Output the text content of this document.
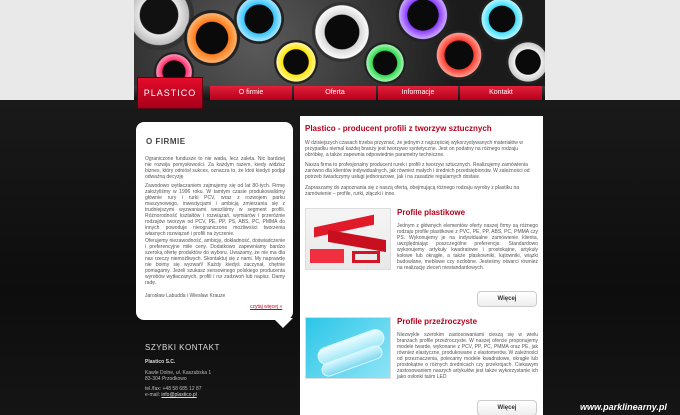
O firmie	Oferta	Informacje	Kontakt
PLASTICO
O FIRMIE
Ograniczone fundusze to nie wada, lecz zaleta. Nic bardziej nie rozwija pomysłowości. Za każdym razem, kiedy widzisz biznes, który odniósł sukces, oznacza to, że ktoś kiedyś podjął odważną decyzję
Zawodowo wytłaczaniem zajmujemy się od lat 80-tych. Firmę założyliśmy w 1996 roku. W tamtym czasie produkowaliśmy głównie rury i rurki PCV, wraz z rozwojem parku maszynowego, inwestycjami i ambicją zmierzania się z trudniejszymi wyzwaniami weszliśmy w segment profili. Różnorodność kształtów i rozwiązań, wymiarów i przeróżnie rodzajów tworzyw od PCV, PE, PP, PS, ABS, PC, PMMA do innych powoduje nieograniczone możliwości tworzenia własnych rozwiązań i profili na życzenie.
Oferujemy niezawodność, ambicję, dokładność, doświadczenie i preferencyjne miłe ceny. Dodatkowo zapewniamy bardzo szeroką ofertę produktów do wyboru. Uważamy, że nie ma dla nas rzeczy niemożliwych. Skontaktuj się z nami. My naprawdę nie boimy się wyzwań! Każdy kiedyś zaczynał, chętnie pomagamy. Jeżeli szukasz sensownego polskiego producenta wyrobów wytłaczanych, profili i rur zadzwoń lub napisz. Damy radę.
Jarosław Labudda i Wiesław Krauze
czytaj więcej »
SZYBKI KONTAKT
Plastico S.C.
Kawle Dolne, ul. Kaszubska 1
83-304 Przodkowo
tel./fax: +48 58 685 12 87
e-mail: info@plastico.pl
Plastico - producent profili z tworzyw sztucznych
W dzisiejszych czasach trzeba przyznać, że jednym z najczęściej wykorzystywanych materiałów w przypadku niemal każdej branży jest tworzywo syntetyczne. Jest on podatny na różnego rodzaju obróbkę, a także zapewnia odpowiednie parametry techniczne.
Nasza firma to profesjonalny producent rurek i profili z tworzyw sztucznych. Realizujemy zamówienia zarówno dla klientów indywidualnych, jak również małych i średnich przedsiębiorstw. W zależności od potrzeb świadczymy usługi jednorazowe, jak i na zasadzie regularnych dostaw.
Zapraszamy do zapoznania się z naszą ofertą, obejmującą różnego rodzaju wyroby z plastiku na zamówienie – profile, rurki, złączki i inne.
Profile plastikowe
Jednym z głównych elementów oferty naszej firmy są różnego rodzaju profile plastikowe z PVC, PE, PP, ABS, PC, PMMA czy PS. Wykonujemy je na indywidualne zamówienie klienta, uwzględniając poszczególne preferencje. Standardowo wykonujemy artykuły kwadratowe i prostokątne, artykuły kołowe lub okrągłe, a także plaskowniki, kątowniki, wiązki budowlane, meblowe czy ozdobne. Jesteśmy otwarci również na realizację zleceń niestandardowych.
Więcej
Profile przeźroczyste
Niezwykle szerokim zastosowaniami cieszą się w wielu branżach profile przeźroczyste. W naszej ofercie proponujemy modele twarde, wykonane z PCV, PP, PC, PMMA oraz PE, jak również elastyczne, produkowane z elastomerów. W zależności od przeznaczenia, polecamy modele kwadratowe, okrągłe lub prostokątne o różnych średnicach czy przekrojach. Ciekawym zastosowaniem naszych artykułów jest także wykorzystanie ich jako osłonki taśm LED
Więcej	www.parklinearny.pl
